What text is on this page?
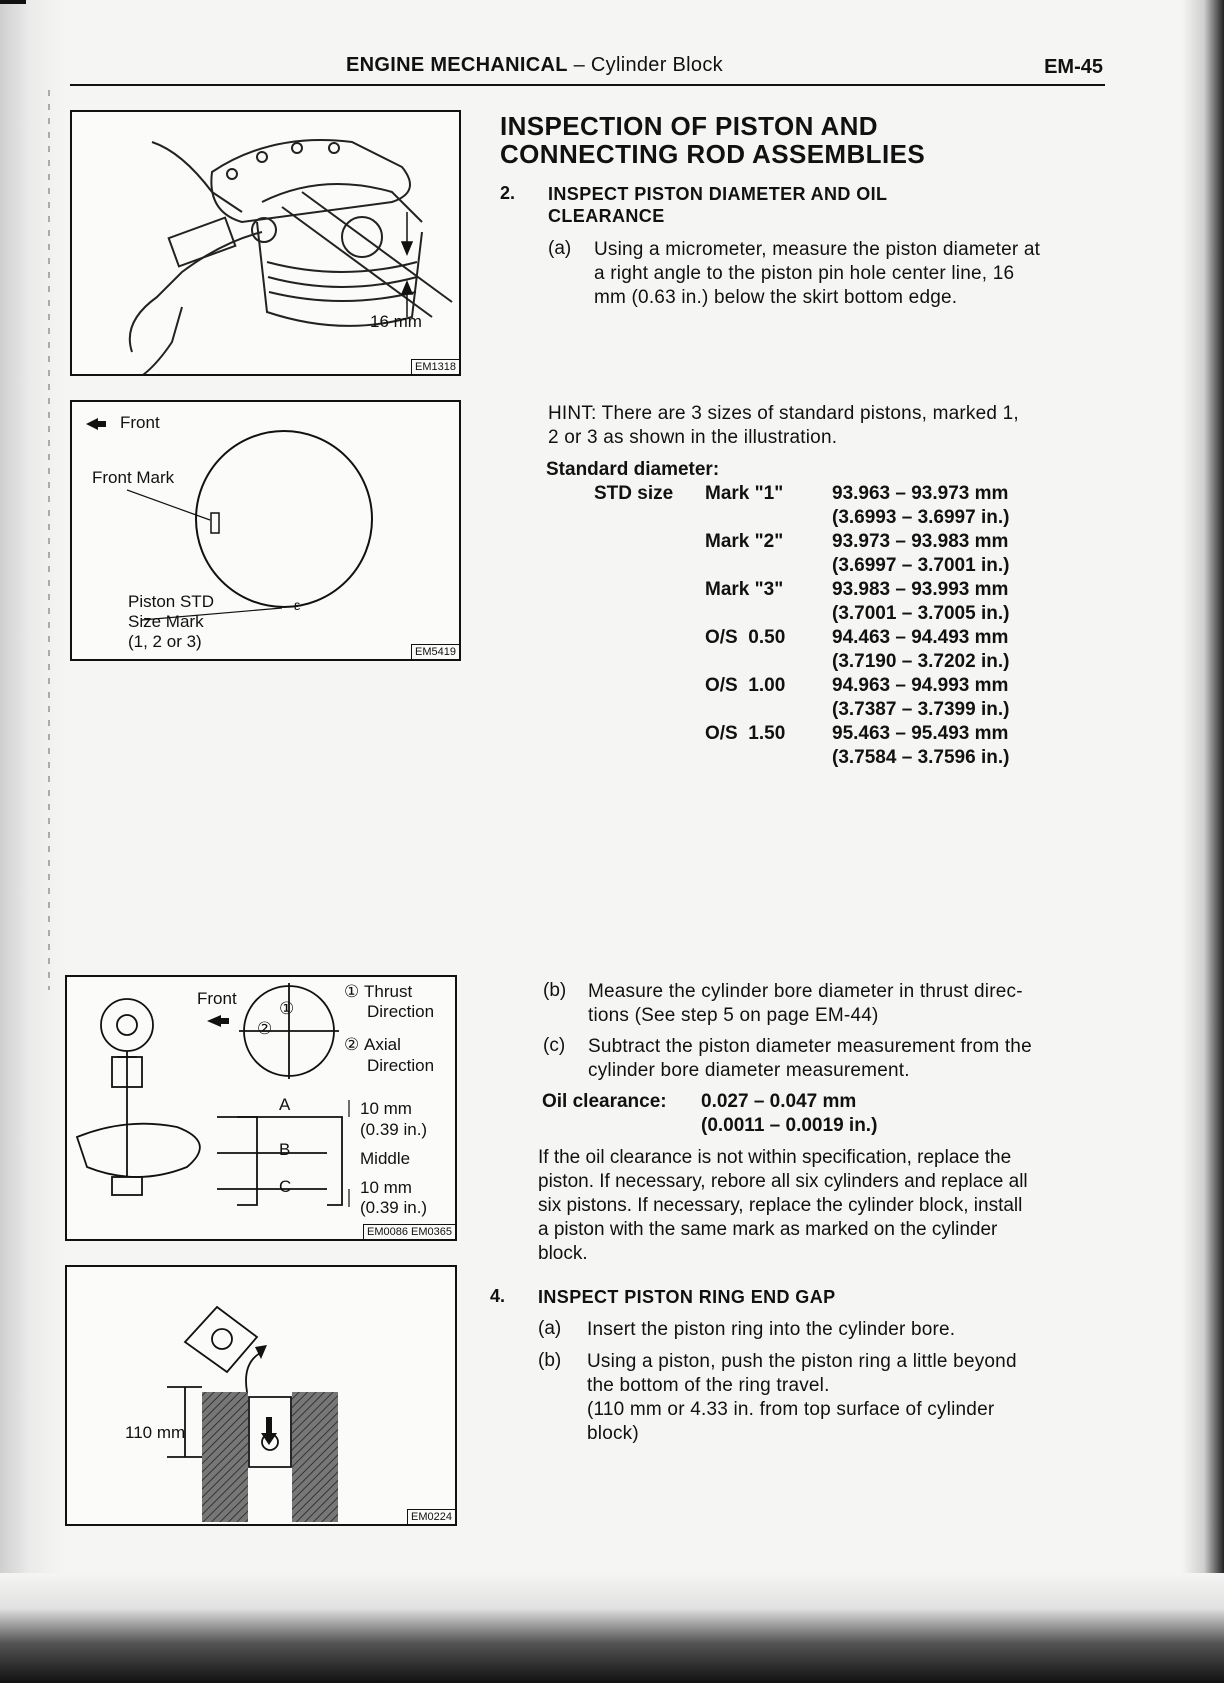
ENGINE MECHANICAL – Cylinder Block	EM-45
16 mm
EM1318
ε
Front
Front Mark
Piston STD
Size Mark
(1, 2 or 3)
EM5419
Front
①
②
① Thrust
Direction
② Axial
Direction
A
B
C
10 mm
(0.39 in.)
Middle
10 mm
(0.39 in.)
EM0086 EM0365
110 mm
EM0224
INSPECTION OF PISTON AND
CONNECTING ROD ASSEMBLIES
2. INSPECT PISTON DIAMETER AND OIL
CLEARANCE
(a) Using a micrometer, measure the piston diameter at
a right angle to the piston pin hole center line, 16
mm (0.63 in.) below the skirt bottom edge.
HINT: There are 3 sizes of standard pistons, marked 1,
2 or 3 as shown in the illustration.
Standard diameter:
STD size Mark "1"	93.963 – 93.973 mm
(3.6993 – 3.6997 in.)
Mark "2"	93.973 – 93.983 mm
(3.6997 – 3.7001 in.)
Mark "3"	93.983 – 93.993 mm
(3.7001 – 3.7005 in.)
O/S  0.50 94.463 – 94.493 mm
(3.7190 – 3.7202 in.)
O/S  1.00 94.963 – 94.993 mm
(3.7387 – 3.7399 in.)
O/S  1.50 95.463 – 95.493 mm
(3.7584 – 3.7596 in.)
(b) Measure the cylinder bore diameter in thrust direc-
tions (See step 5 on page EM-44)
(c) Subtract the piston diameter measurement from the
cylinder bore diameter measurement.
Oil clearance: 0.027 – 0.047 mm
(0.0011 – 0.0019 in.)
If the oil clearance is not within specification, replace the
piston. If necessary, rebore all six cylinders and replace all
six pistons. If necessary, replace the cylinder block, install
a piston with the same mark as marked on the cylinder
block.
4. INSPECT PISTON RING END GAP
(a) Insert the piston ring into the cylinder bore.
(b) Using a piston, push the piston ring a little beyond
the bottom of the ring travel.
(110 mm or 4.33 in. from top surface of cylinder
block)
